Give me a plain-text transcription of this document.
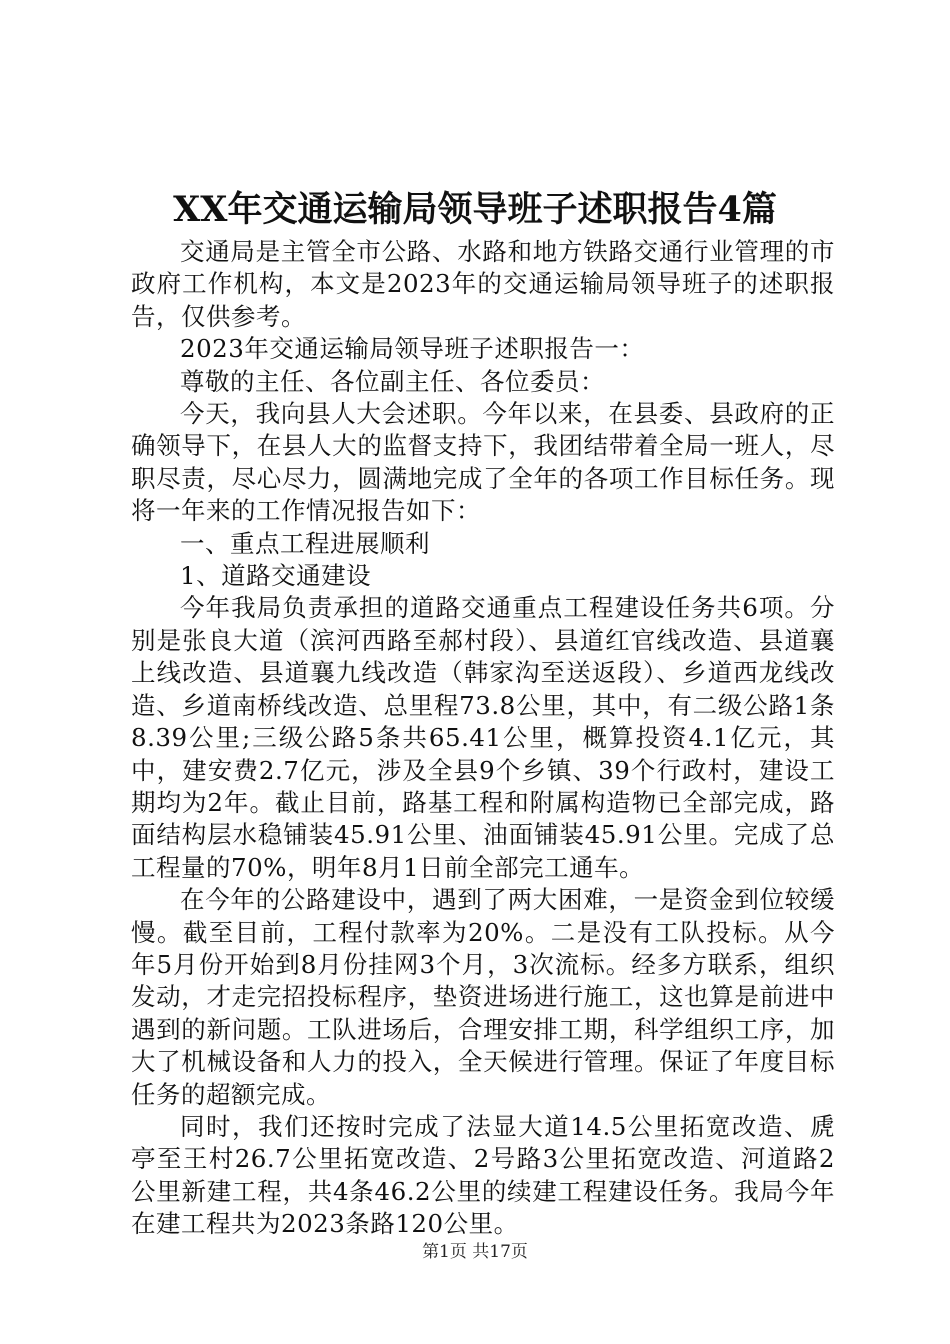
XX年交通运输局领导班子述职报告4篇

交通局是主管全市公路、水路和地方铁路交通行业管理的市政府工作机构，本文是2023年的交通运输局领导班子的述职报告，仅供参考。

2023年交通运输局领导班子述职报告一：

尊敬的主任、各位副主任、各位委员：

今天，我向县人大会述职。今年以来，在县委、县政府的正确领导下，在县人大的监督支持下，我团结带着全局一班人，尽职尽责，尽心尽力，圆满地完成了全年的各项工作目标任务。现将一年来的工作情况报告如下：

一、重点工程进展顺利

1、道路交通建设

今年我局负责承担的道路交通重点工程建设任务共6项。分别是张良大道（滨河西路至郝村段）、县道红官线改造、县道襄上线改造、县道襄九线改造（韩家沟至送返段）、乡道西龙线改造、乡道南桥线改造、总里程73.8公里，其中，有二级公路1条8.39公里;三级公路5条共65.41公里，概算投资4.1亿元，其中，建安费2.7亿元，涉及全县9个乡镇、39个行政村，建设工期均为2年。截止目前，路基工程和附属构造物已全部完成，路面结构层水稳铺装45.91公里、油面铺装45.91公里。完成了总工程量的70%，明年8月1日前全部完工通车。

在今年的公路建设中，遇到了两大困难，一是资金到位较缓慢。截至目前，工程付款率为20%。二是没有工队投标。从今年5月份开始到8月份挂网3个月，3次流标。经多方联系，组织发动，才走完招投标程序，垫资进场进行施工，这也算是前进中遇到的新问题。工队进场后，合理安排工期，科学组织工序，加大了机械设备和人力的投入，全天候进行管理。保证了年度目标任务的超额完成。

同时，我们还按时完成了法显大道14.5公里拓宽改造、虒亭至王村26.7公里拓宽改造、2号路3公里拓宽改造、河道路2公里新建工程，共4条46.2公里的续建工程建设任务。我局今年在建工程共为2023条路120公里。

第1页 共17页
